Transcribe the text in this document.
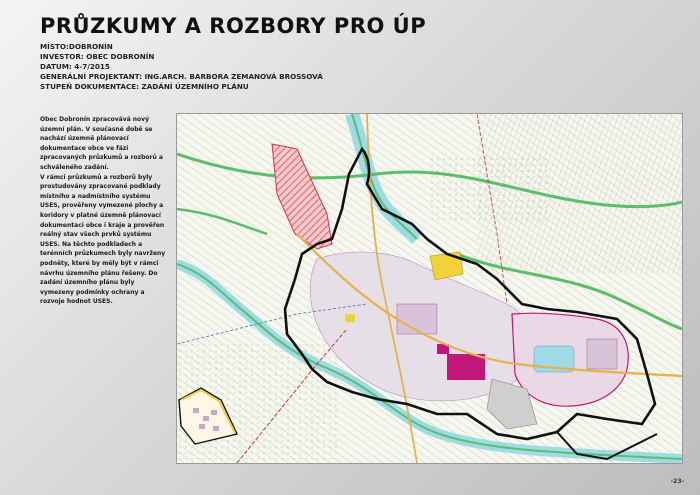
PRŮZKUMY A ROZBORY PRO ÚP
MÍSTO:DOBRONÍN
INVESTOR: OBEC DOBRONÍN
DATUM: 4-7/2015
GENERÁLNÍ PROJEKTANT: ING.ARCH. BARBORA ZEMANOVÁ BROSSOVÁ
STUPEŇ DOKUMENTACE: ZADÁNÍ ÚZEMNÍHO PLÁNU

Obec Dobronín zpracovává nový územní plán. V současné době se nachází územně plánovací dokumentace obce ve fázi zpracovaných průzkumů a rozborů a schváleného zadání.

V rámci průzkumů a rozborů byly prostudovány zpracované podklady místního a nadmístního systému USES, prověřeny vymezené plochy a koridory v platné územně plánovací dokumentaci obce i kraje a prověřen reálný stav všech prvků systému USES. Na těchto podkladech a terénních průzkumech byly navrženy podněty, které by měly být v rámci návrhu územního plánu řešeny. Do zadání územního plánu byly vymezeny podmínky ochrany a rozvoje hodnot USES.

-23-
